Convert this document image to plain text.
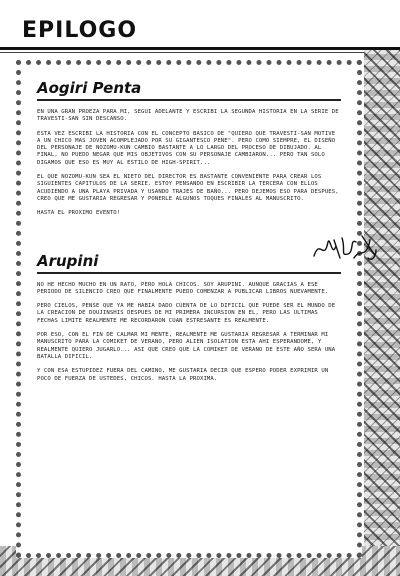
EPILOGO
Aogiri Penta

EN UNA GRAN PROEZA PARA MI, SEGUI ADELANTE Y ESCRIBI LA SEGUNDA HISTORIA EN LA SERIE DE TRAVESTI-SAN SIN DESCANSO.

ESTA VEZ ESCRIBI LA HISTORIA CON EL CONCEPTO BASICO DE "QUIERO QUE TRAVESTI-SAN MOTIVE A UN CHICO MAS JOVEN ACOMPLEJADO POR SU GIGANTESCO PENE". PERO COMO SIEMPRE, EL DISEÑO DEL PERSONAJE DE NOZOMU-KUN CAMBIO BASTANTE A LO LARGO DEL PROCESO DE DIBUJADO. AL FINAL, NO PUEDO NEGAR QUE MIS OBJETIVOS CON SU PERSONAJE CAMBIARON... PERO TAN SOLO DIGAMOS QUE ESO ES MUY AL ESTILO DE HIGH-SPIRIT...

EL QUE NOZOMU-KUN SEA EL NIETO DEL DIRECTOR ES BASTANTE CONVENIENTE PARA CREAR LOS SIGUIENTES CAPITULOS DE LA SERIE. ESTOY PENSANDO EN ESCRIBIR LA TERCERA CON ELLOS ACUDIENDO A UNA PLAYA PRIVADA Y USANDO TRAJES DE BAÑO... PERO DEJEMOS ESO PARA DESPUES, CREO QUE ME GUSTARIA REGRESAR Y PONERLE ALGUNOS TOQUES FINALES AL MANUSCRITO.

HASTA EL PROXIMO EVENTO!

Arupini

NO HE HECHO MUCHO EN UN RATO, PERO HOLA CHICOS. SOY ARUPINI. AUNQUE GRACIAS A ESE PERIODO DE SILENCIO CREO QUE FINALMENTE PUEDO COMENZAR A PUBLICAR LIBROS NUEVAMENTE.

PERO CIELOS, PENSE QUE YA ME HABIA DADO CUENTA DE LO DIFICIL QUE PUEDE SER EL MUNDO DE LA CREACION DE DOUJINSHIS DESPUES DE MI PRIMERA INCURSION EN EL, PERO LAS ULTIMAS FECHAS LIMITE REALMENTE ME RECORDARON CUAN ESTRESANTE ES REALMENTE.

POR ESO, CON EL FIN DE CALMAR MI MENTE, REALMENTE ME GUSTARIA REGRESAR A TERMINAR MI MANUSCRITO PARA LA COMIKET DE VERANO, PERO ALIEN ISOLATION ESTA AHI ESPERANDOME, Y REALMENTE QUIERO JUGARLO... ASI QUE CREO QUE LA COMIKET DE VERANO DE ESTE AÑO SERA UNA BATALLA DIFICIL.

Y CON ESA ESTUPIDEZ FUERA DEL CAMINO, ME GUSTARIA DECIR QUE ESPERO PODER EXPRIMIR UN POCO DE FUERZA DE USTEDES, CHICOS. HASTA LA PROXIMA.
